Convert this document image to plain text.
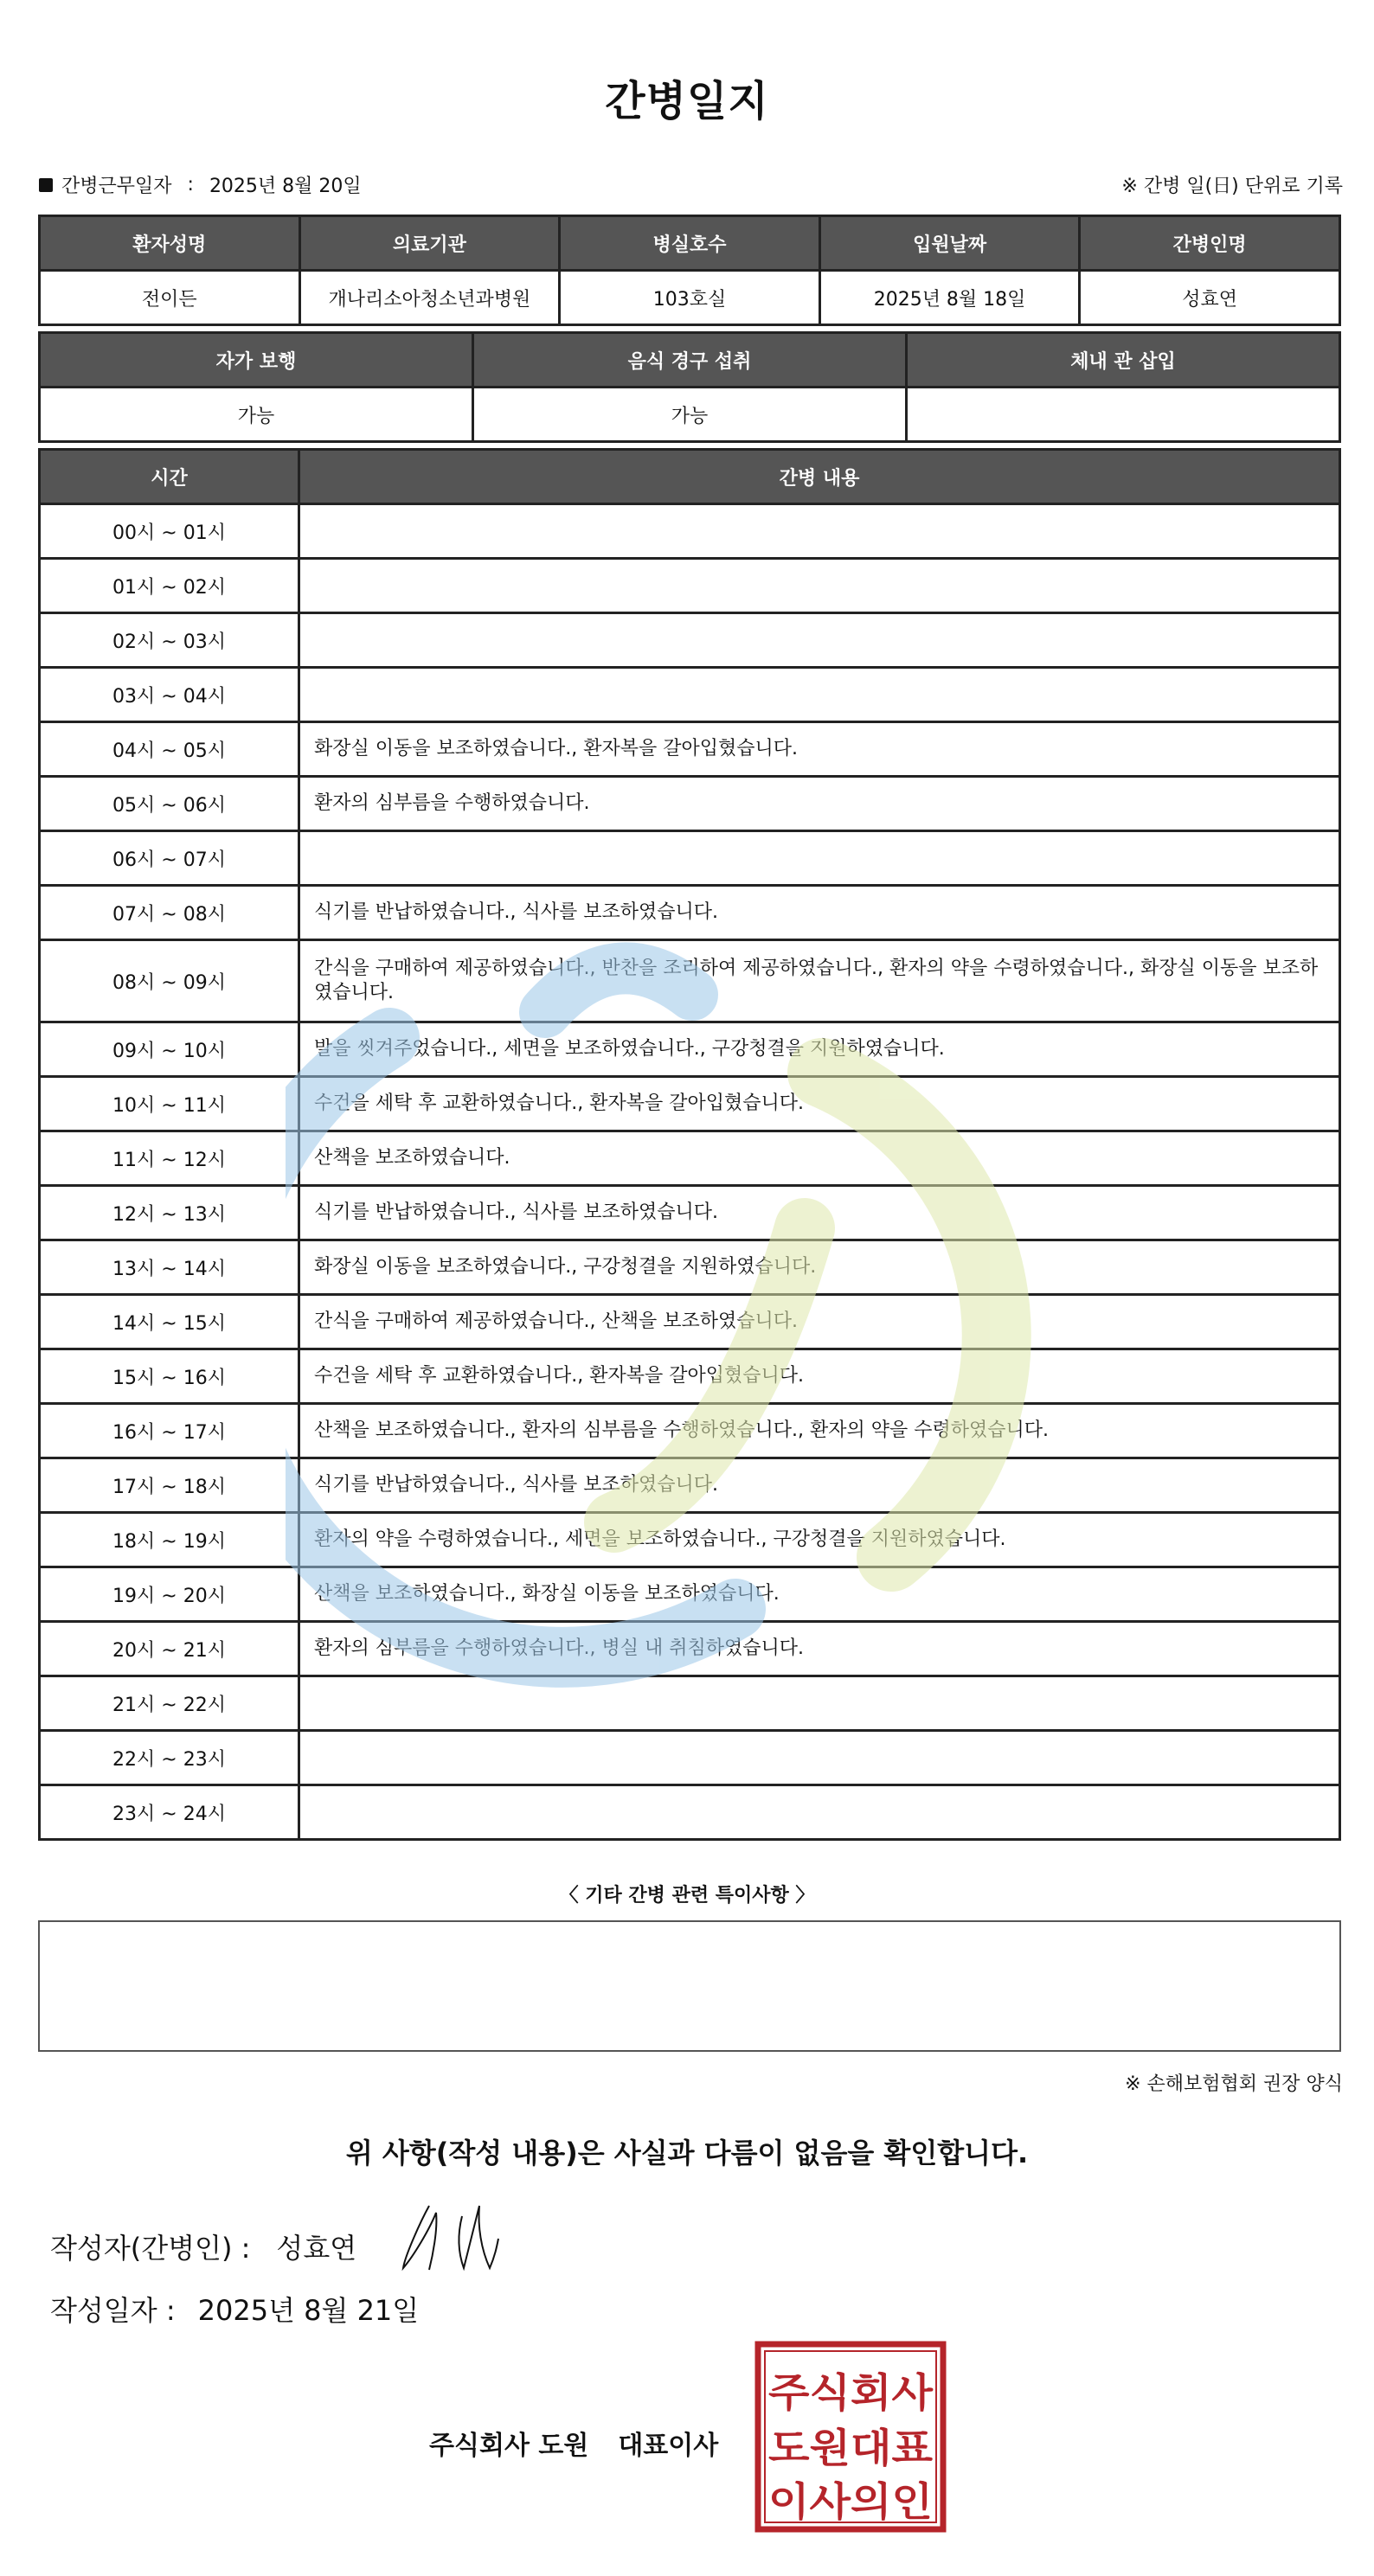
간병일지
간병근무일자 : 2025년 8월 20일	※ 간병 일(日) 단위로 기록
환자성명	의료기관	병실호수	입원날짜	간병인명
전이든	개나리소아청소년과병원	103호실	2025년 8월 18일	성효연
자가 보행	음식 경구 섭취	체내 관 삽입
가능	가능	
시간	간병 내용
00시 ~ 01시	
01시 ~ 02시	
02시 ~ 03시	
03시 ~ 04시	
04시 ~ 05시	화장실 이동을 보조하였습니다., 환자복을 갈아입혔습니다.
05시 ~ 06시	환자의 심부름을 수행하였습니다.
06시 ~ 07시	
07시 ~ 08시	식기를 반납하였습니다., 식사를 보조하였습니다.
08시 ~ 09시	간식을 구매하여 제공하였습니다., 반찬을 조리하여 제공하였습니다., 환자의 약을 수령하였습니다., 화장실 이동을 보조하였습니다.
09시 ~ 10시	발을 씻겨주었습니다., 세면을 보조하였습니다., 구강청결을 지원하였습니다.
10시 ~ 11시	수건을 세탁 후 교환하였습니다., 환자복을 갈아입혔습니다.
11시 ~ 12시	산책을 보조하였습니다.
12시 ~ 13시	식기를 반납하였습니다., 식사를 보조하였습니다.
13시 ~ 14시	화장실 이동을 보조하였습니다., 구강청결을 지원하였습니다.
14시 ~ 15시	간식을 구매하여 제공하였습니다., 산책을 보조하였습니다.
15시 ~ 16시	수건을 세탁 후 교환하였습니다., 환자복을 갈아입혔습니다.
16시 ~ 17시	산책을 보조하였습니다., 환자의 심부름을 수행하였습니다., 환자의 약을 수령하였습니다.
17시 ~ 18시	식기를 반납하였습니다., 식사를 보조하였습니다.
18시 ~ 19시	환자의 약을 수령하였습니다., 세면을 보조하였습니다., 구강청결을 지원하였습니다.
19시 ~ 20시	산책을 보조하였습니다., 화장실 이동을 보조하였습니다.
20시 ~ 21시	환자의 심부름을 수행하였습니다., 병실 내 취침하였습니다.
21시 ~ 22시	
22시 ~ 23시	
23시 ~ 24시	
〈 기타 간병 관련 특이사항 〉
※ 손해보험협회 권장 양식
위 사항(작성 내용)은 사실과 다름이 없음을 확인합니다.
작성자(간병인) : 성효연
작성일자 : 2025년 8월 21일
주식회사 도원 대표이사
주식회사
도원대표
이사의인
